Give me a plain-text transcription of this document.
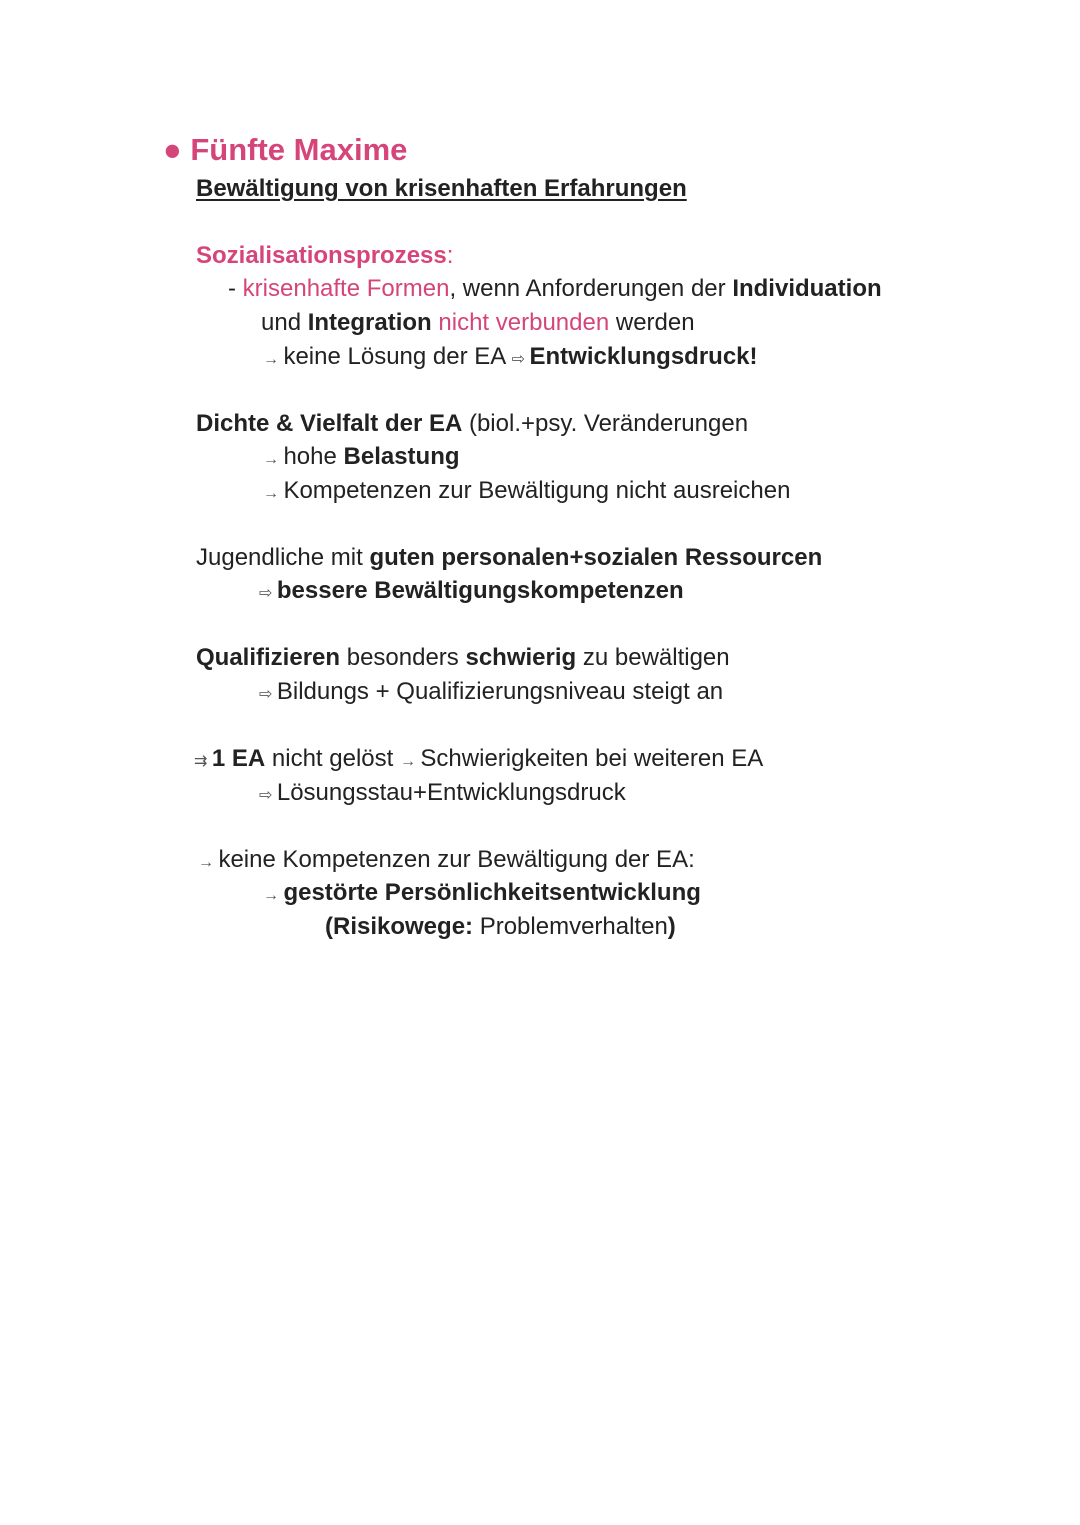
● Fünfte Maxime
Bewältigung von krisenhaften Erfahrungen
Sozialisationsprozess:
- krisenhafte Formen, wenn Anforderungen der Individuation
und Integration nicht verbunden werden
→ keine Lösung der EA ⇨ Entwicklungsdruck!
Dichte & Vielfalt der EA (biol.+psy. Veränderungen
→ hohe Belastung
→ Kompetenzen zur Bewältigung nicht ausreichen
Jugendliche mit guten personalen+sozialen Ressourcen
⇨ bessere Bewältigungskompetenzen
Qualifizieren besonders schwierig zu bewältigen
⇨ Bildungs + Qualifizierungsniveau steigt an
⇉ 1 EA nicht gelöst → Schwierigkeiten bei weiteren EA
⇨ Lösungsstau+Entwicklungsdruck
→ keine Kompetenzen zur Bewältigung der EA:
→ gestörte Persönlichkeitsentwicklung
(Risikowege: Problemverhalten)
